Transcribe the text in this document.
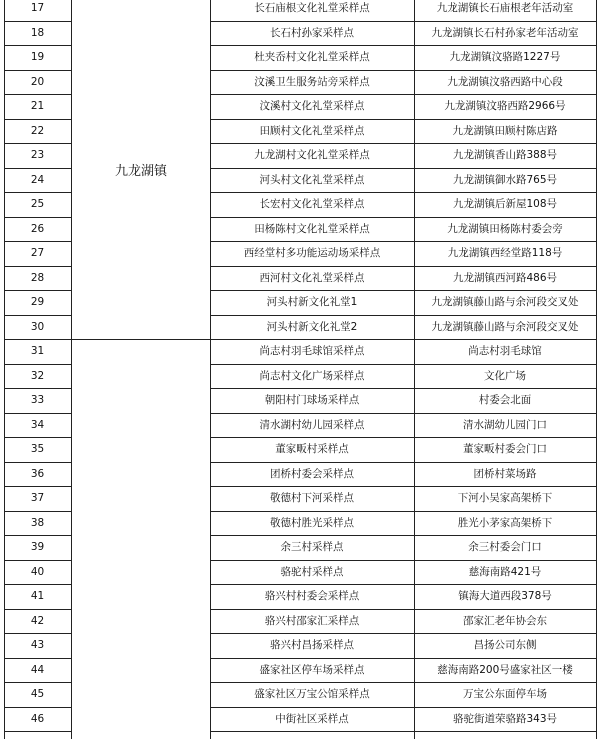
17	长石庙根文化礼堂采样点	九龙湖镇长石庙根老年活动室
18	长石村孙家采样点	九龙湖镇长石村孙家老年活动室
19	杜夹岙村文化礼堂采样点	九龙湖镇汶骆路1227号
20	汶溪卫生服务站旁采样点	九龙湖镇汶骆西路中心段
21	汶溪村文化礼堂采样点	九龙湖镇汶骆西路2966号
22	田顾村文化礼堂采样点	九龙湖镇田顾村陈店路
23	九龙湖村文化礼堂采样点	九龙湖镇香山路388号
24	河头村文化礼堂采样点	九龙湖镇御水路765号
25	长宏村文化礼堂采样点	九龙湖镇后新屋108号
26	田杨陈村文化礼堂采样点	九龙湖镇田杨陈村委会旁
27	西经堂村多功能运动场采样点	九龙湖镇西经堂路118号
28	西河村文化礼堂采样点	九龙湖镇西河路486号
29	河头村新文化礼堂1	九龙湖镇藤山路与余河段交叉处
30	河头村新文化礼堂2	九龙湖镇藤山路与余河段交叉处
31	尚志村羽毛球馆采样点	尚志村羽毛球馆
32	尚志村文化广场采样点	文化广场
33	朝阳村门球场采样点	村委会北面
34	清水湖村幼儿园采样点	清水湖幼儿园门口
35	董家畈村采样点	董家畈村委会门口
36	团桥村委会采样点	团桥村菜场路
37	敬德村下河采样点	下河小吴家高架桥下
38	敬德村胜光采样点	胜光小茅家高架桥下
39	余三村采样点	余三村委会门口
40	骆驼村采样点	慈海南路421号
41	骆兴村村委会采样点	镇海大道西段378号
42	骆兴村邵家汇采样点	邵家汇老年协会东
43	骆兴村昌扬采样点	昌扬公司东侧
44	盛家社区停车场采样点	慈海南路200号盛家社区一楼
45	盛家社区万宝公馆采样点	万宝公东面停车场
46	中街社区采样点	骆驼街道荣骆路343号
九龙湖镇
